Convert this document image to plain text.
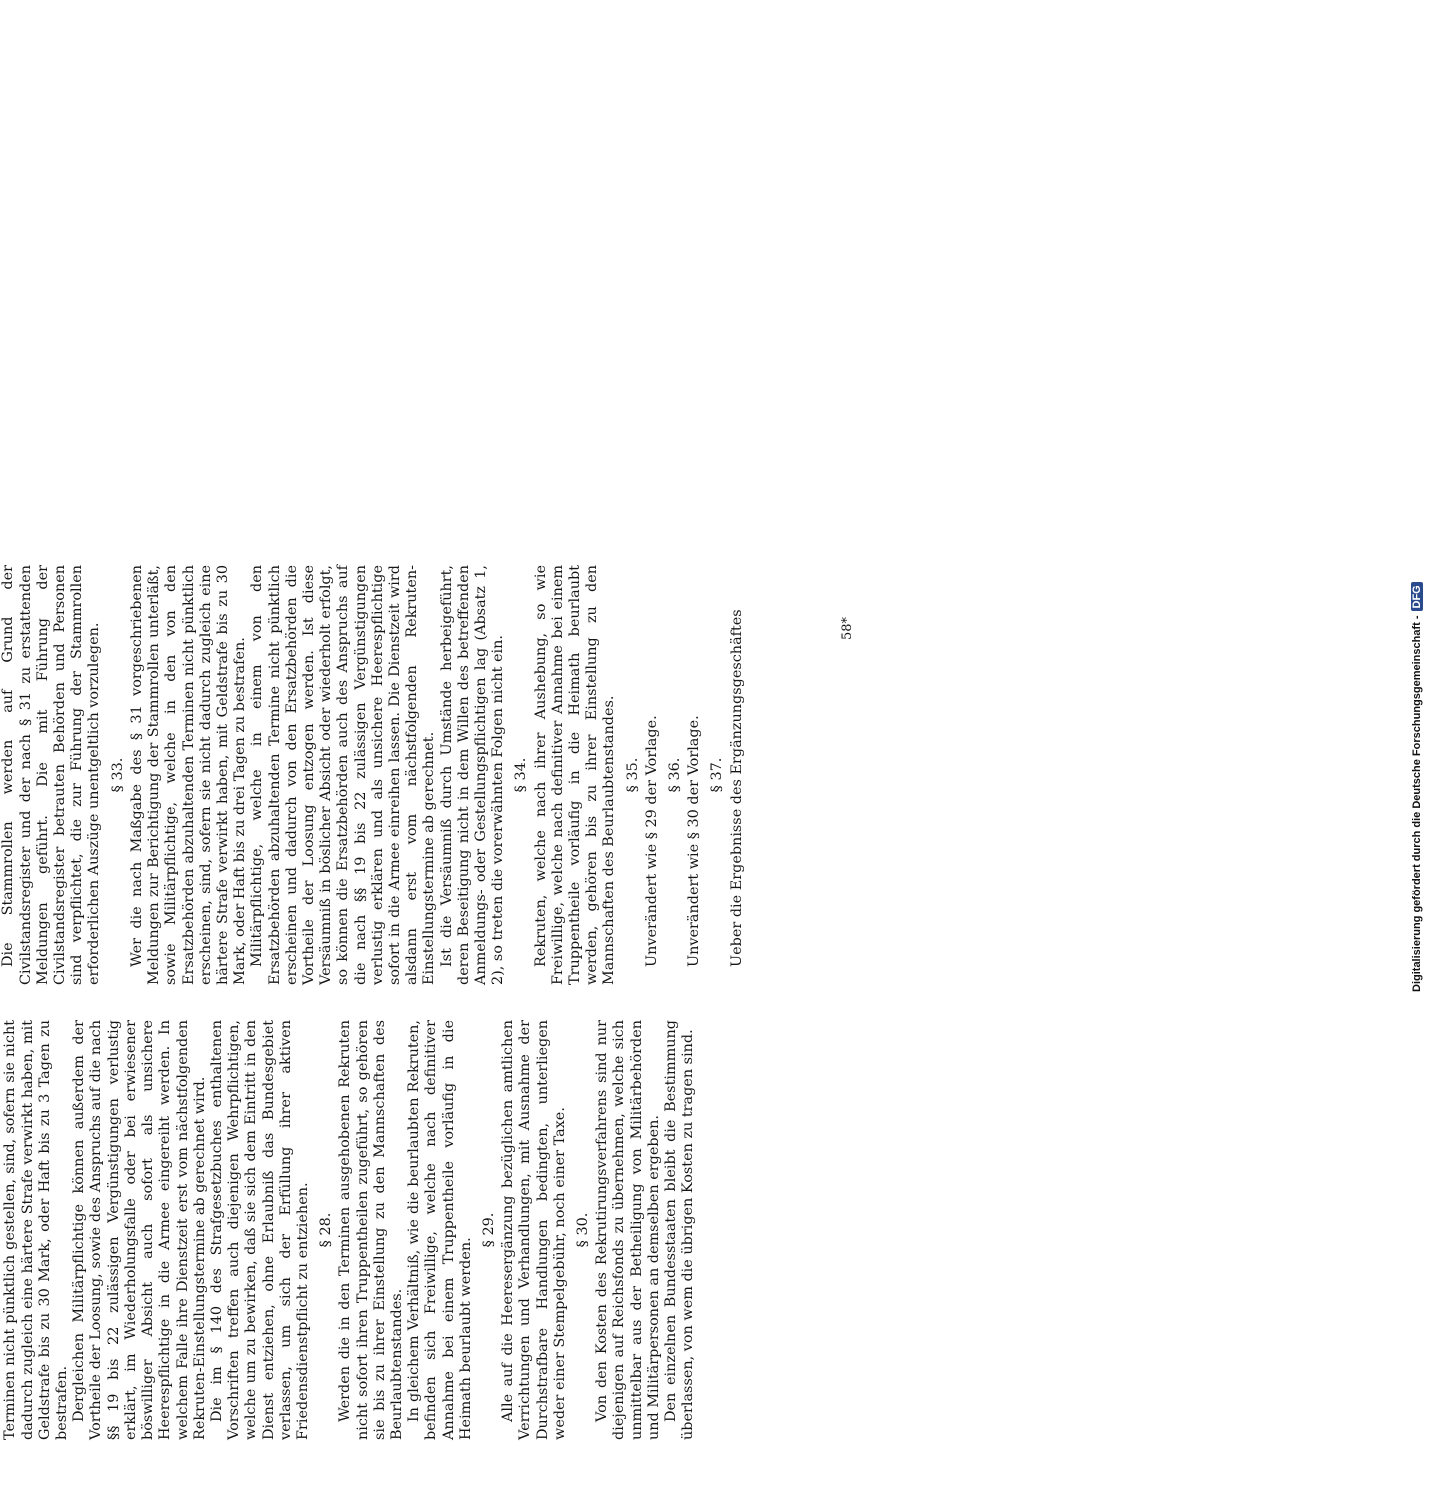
Terminen nicht pünktlich gestellen, sind, sofern sie nicht dadurch zugleich eine härtere Strafe verwirkt haben, mit Geldstrafe bis zu 30 Mark, oder Haft bis zu 3 Tagen zu bestrafen. Dergleichen Militärpflichtige können außerdem der Vortheile der Loosung, sowie des Anspruchs auf die nach §§ 19 bis 22 zulässigen Vergünstigungen verlustig erklärt, im Wiederholungsfalle oder bei erwiesener böswilliger Absicht auch sofort als unsichere Heerespflichtige in die Armee eingereiht werden. In welchem Falle ihre Dienstzeit erst vom nächstfolgenden Rekruten-Einstellungstermine ab gerechnet wird. Die im § 140 des Strafgesetzbuches enthaltenen Vorschriften treffen auch diejenigen Wehrpflichtigen, welche um zu bewirken, daß sie sich dem Eintritt in den Dienst entziehen, ohne Erlaubniß das Bundesgebiet verlassen, um sich der Erfüllung ihrer aktiven Friedensdienstpflicht zu entziehen. § 28. Werden die in den Terminen ausgehobenen Rekruten nicht sofort ihren Truppentheilen zugeführt, so gehören sie bis zu ihrer Einstellung zu den Mannschaften des Beurlaubtenstandes. In gleichem Verhältniß, wie die beurlaubten Rekruten, befinden sich Freiwillige, welche nach definitiver Annahme bei einem Truppentheile vorläufig in die Heimath beurlaubt werden.

§ 29. Alle auf die Heeresergänzung bezüglichen amtlichen Verrichtungen und Verhandlungen, mit Ausnahme der Durchstrafbare Handlungen bedingten, unterliegen weder einer Stempelgebühr, noch einer Taxe. § 30. Von den Kosten des Rekrutirungsverfahrens sind nur diejenigen auf Reichsfonds zu übernehmen, welche sich unmittelbar aus der Betheiligung von Militärbehörden und Militärpersonen an demselben ergeben. Den einzelnen Bundesstaaten bleibt die Bestimmung überlassen, von wem die übrigen Kosten zu tragen sind.

Die Stammrollen werden auf Grund der Civilstandsregister und der nach § 31 zu erstattenden Meldungen geführt. Die mit Führung der Civilstandsregister betrauten Behörden und Personen sind verpflichtet, die zur Führung der Stammrollen erforderlichen Auszüge unentgeltlich vorzulegen. § 33. Wer die nach Maßgabe des § 31 vorgeschriebenen Meldungen zur Berichtigung der Stammrollen unterläßt, sowie Militärpflichtige, welche in den von den Ersatzbehörden abzuhaltenden Terminen nicht pünktlich erscheinen, sind, sofern sie nicht dadurch zugleich eine härtere Strafe verwirkt haben, mit Geldstrafe bis zu 30 Mark, oder Haft bis zu drei Tagen zu bestrafen. Militärpflichtige, welche in einem von den Ersatzbehörden abzuhaltenden Termine nicht pünktlich erscheinen und dadurch von den Ersatzbehörden die Vortheile der Loosung entzogen werden. Ist diese Versäumniß in böslicher Absicht oder wiederholt erfolgt, so können die Ersatzbehörden auch des Anspruchs auf die nach §§ 19 bis 22 zulässigen Vergünstigungen verlustig erklären und als unsichere Heerespflichtige sofort in die Armee einreihen lassen. Die Dienstzeit wird alsdann erst vom nächstfolgenden Rekruten-Einstellungstermine ab gerechnet. Ist die Versäumniß durch Umstände herbeigeführt, deren Beseitigung nicht in dem Willen des betreffenden Anmeldungs- oder Gestellungspflichtigen lag (Absatz 1, 2), so treten die vorerwähnten Folgen nicht ein. § 34. Rekruten, welche nach ihrer Aushebung, so wie Freiwillige, welche nach definitiver Annahme bei einem Truppentheile vorläufig in die Heimath beurlaubt werden, gehören bis zu ihrer Einstellung zu den Mannschaften des Beurlaubtenstandes. § 35. Unverändert wie § 29 der Vorlage. § 36. Unverändert wie § 30 der Vorlage. § 37. Ueber die Ergebnisse des Ergänzungsgeschäftes	58*	Digitalisierung gefördert durch die Deutsche Forschungsgemeinschaft -DFG
